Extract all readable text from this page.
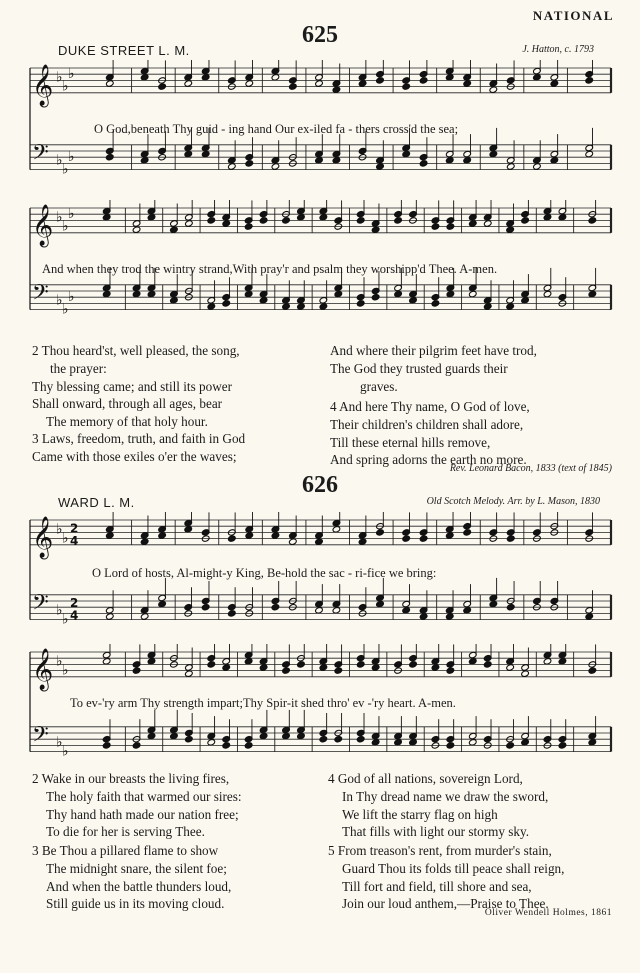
NATIONAL
625
DUKE STREET L. M.	J. Hatton, c. 1793
𝄞 ♭
♭
♭
𝄢 ♭
♭
♭
O God,beneath Thy guid - ing hand Our ex-iled fa - thers cross'd the sea;
𝄞 ♭
♭
♭
𝄢 ♭
♭
♭
And when they trod the wintry strand,With pray'r and psalm they worshipp'd Thee. A-men.
2 Thou heard'st, well pleased, the song,
the prayer:
Thy blessing came; and still its power
Shall onward, through all ages, bear
The memory of that holy hour.
3 Laws, freedom, truth, and faith in God
Came with those exiles o'er the waves;
And where their pilgrim feet have trod,
The God they trusted guards their
graves.
4 And here Thy name, O God of love,
Their children's children shall adore,
Till these eternal hills remove,
And spring adorns the earth no more.
Rev. Leonard Bacon, 1833 (text of 1845)
626
WARD L. M.	Old Scotch Melody. Arr. by L. Mason, 1830
𝄞 ♭
♭
2
4
𝄢 ♭
♭
2
4
O Lord of hosts, Al-might-y King, Be-hold the sac - ri-fice we bring:
𝄞 ♭
♭
𝄢 ♭
♭
To ev-'ry arm Thy strength impart;Thy Spir-it shed thro' ev -'ry heart. A-men.
2 Wake in our breasts the living fires,
The holy faith that warmed our sires:
Thy hand hath made our nation free;
To die for her is serving Thee.
3 Be Thou a pillared flame to show
The midnight snare, the silent foe;
And when the battle thunders loud,
Still guide us in its moving cloud.
4 God of all nations, sovereign Lord,
In Thy dread name we draw the sword,
We lift the starry flag on high
That fills with light our stormy sky.
5 From treason's rent, from murder's stain,
Guard Thou its folds till peace shall reign,
Till fort and field, till shore and sea,
Join our loud anthem,—Praise to Thee.
Oliver Wendell Holmes, 1861
